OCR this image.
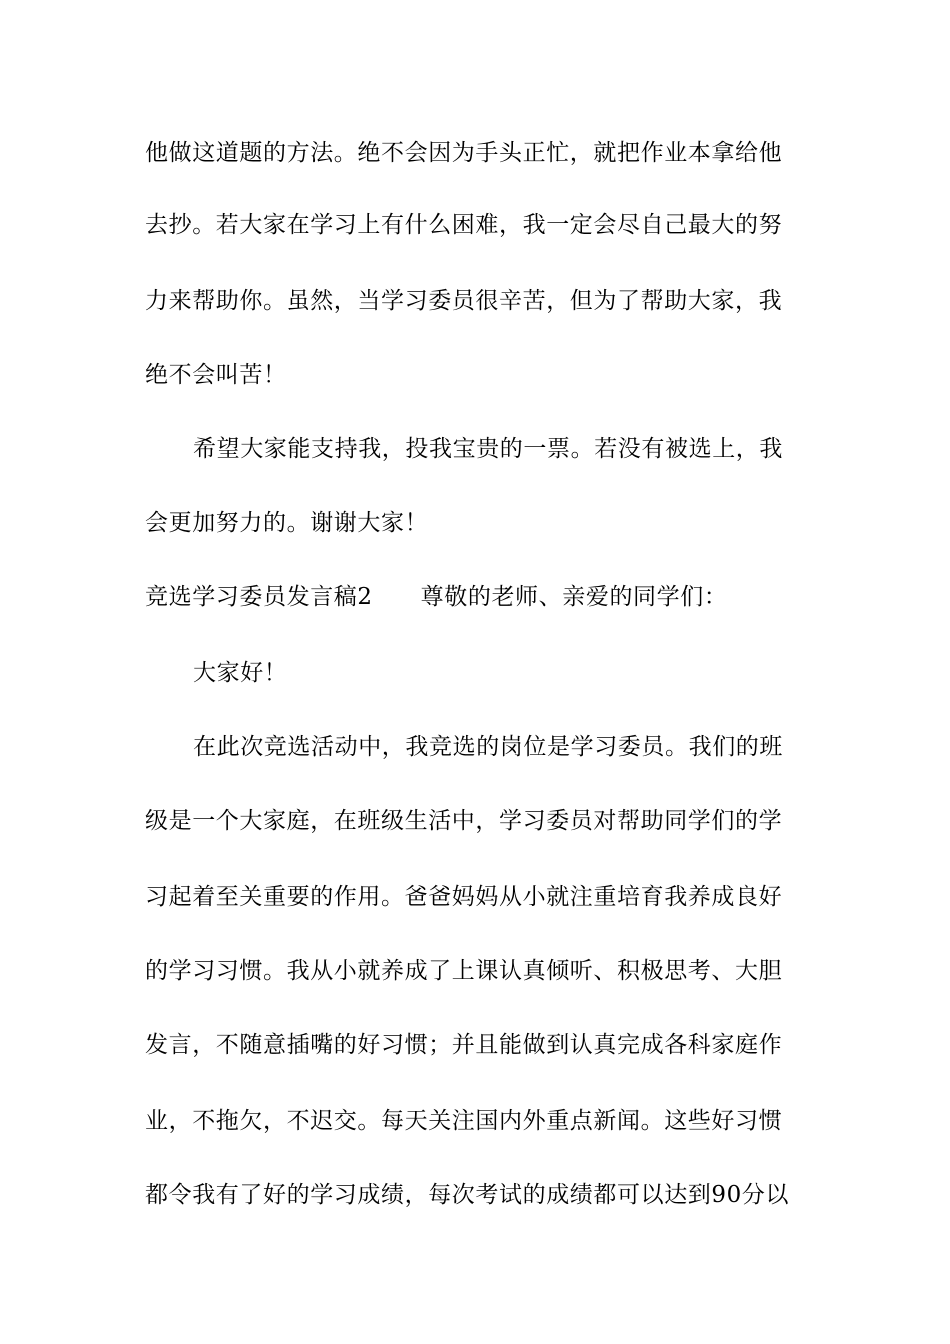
他做这道题的方法。绝不会因为手头正忙，就把作业本拿给他
去抄。若大家在学习上有什么困难，我一定会尽自己最大的努
力来帮助你。虽然，当学习委员很辛苦，但为了帮助大家，我
绝不会叫苦！
希望大家能支持我，投我宝贵的一票。若没有被选上，我
会更加努力的。谢谢大家！
竞选学习委员发言稿2 尊敬的老师、亲爱的同学们：
大家好！
在此次竞选活动中，我竞选的岗位是学习委员。我们的班
级是一个大家庭，在班级生活中，学习委员对帮助同学们的学
习起着至关重要的作用。爸爸妈妈从小就注重培育我养成良好
的学习习惯。我从小就养成了上课认真倾听、积极思考、大胆
发言，不随意插嘴的好习惯；并且能做到认真完成各科家庭作
业，不拖欠，不迟交。每天关注国内外重点新闻。这些好习惯
都令我有了好的学习成绩，每次考试的成绩都可以达到90分以
